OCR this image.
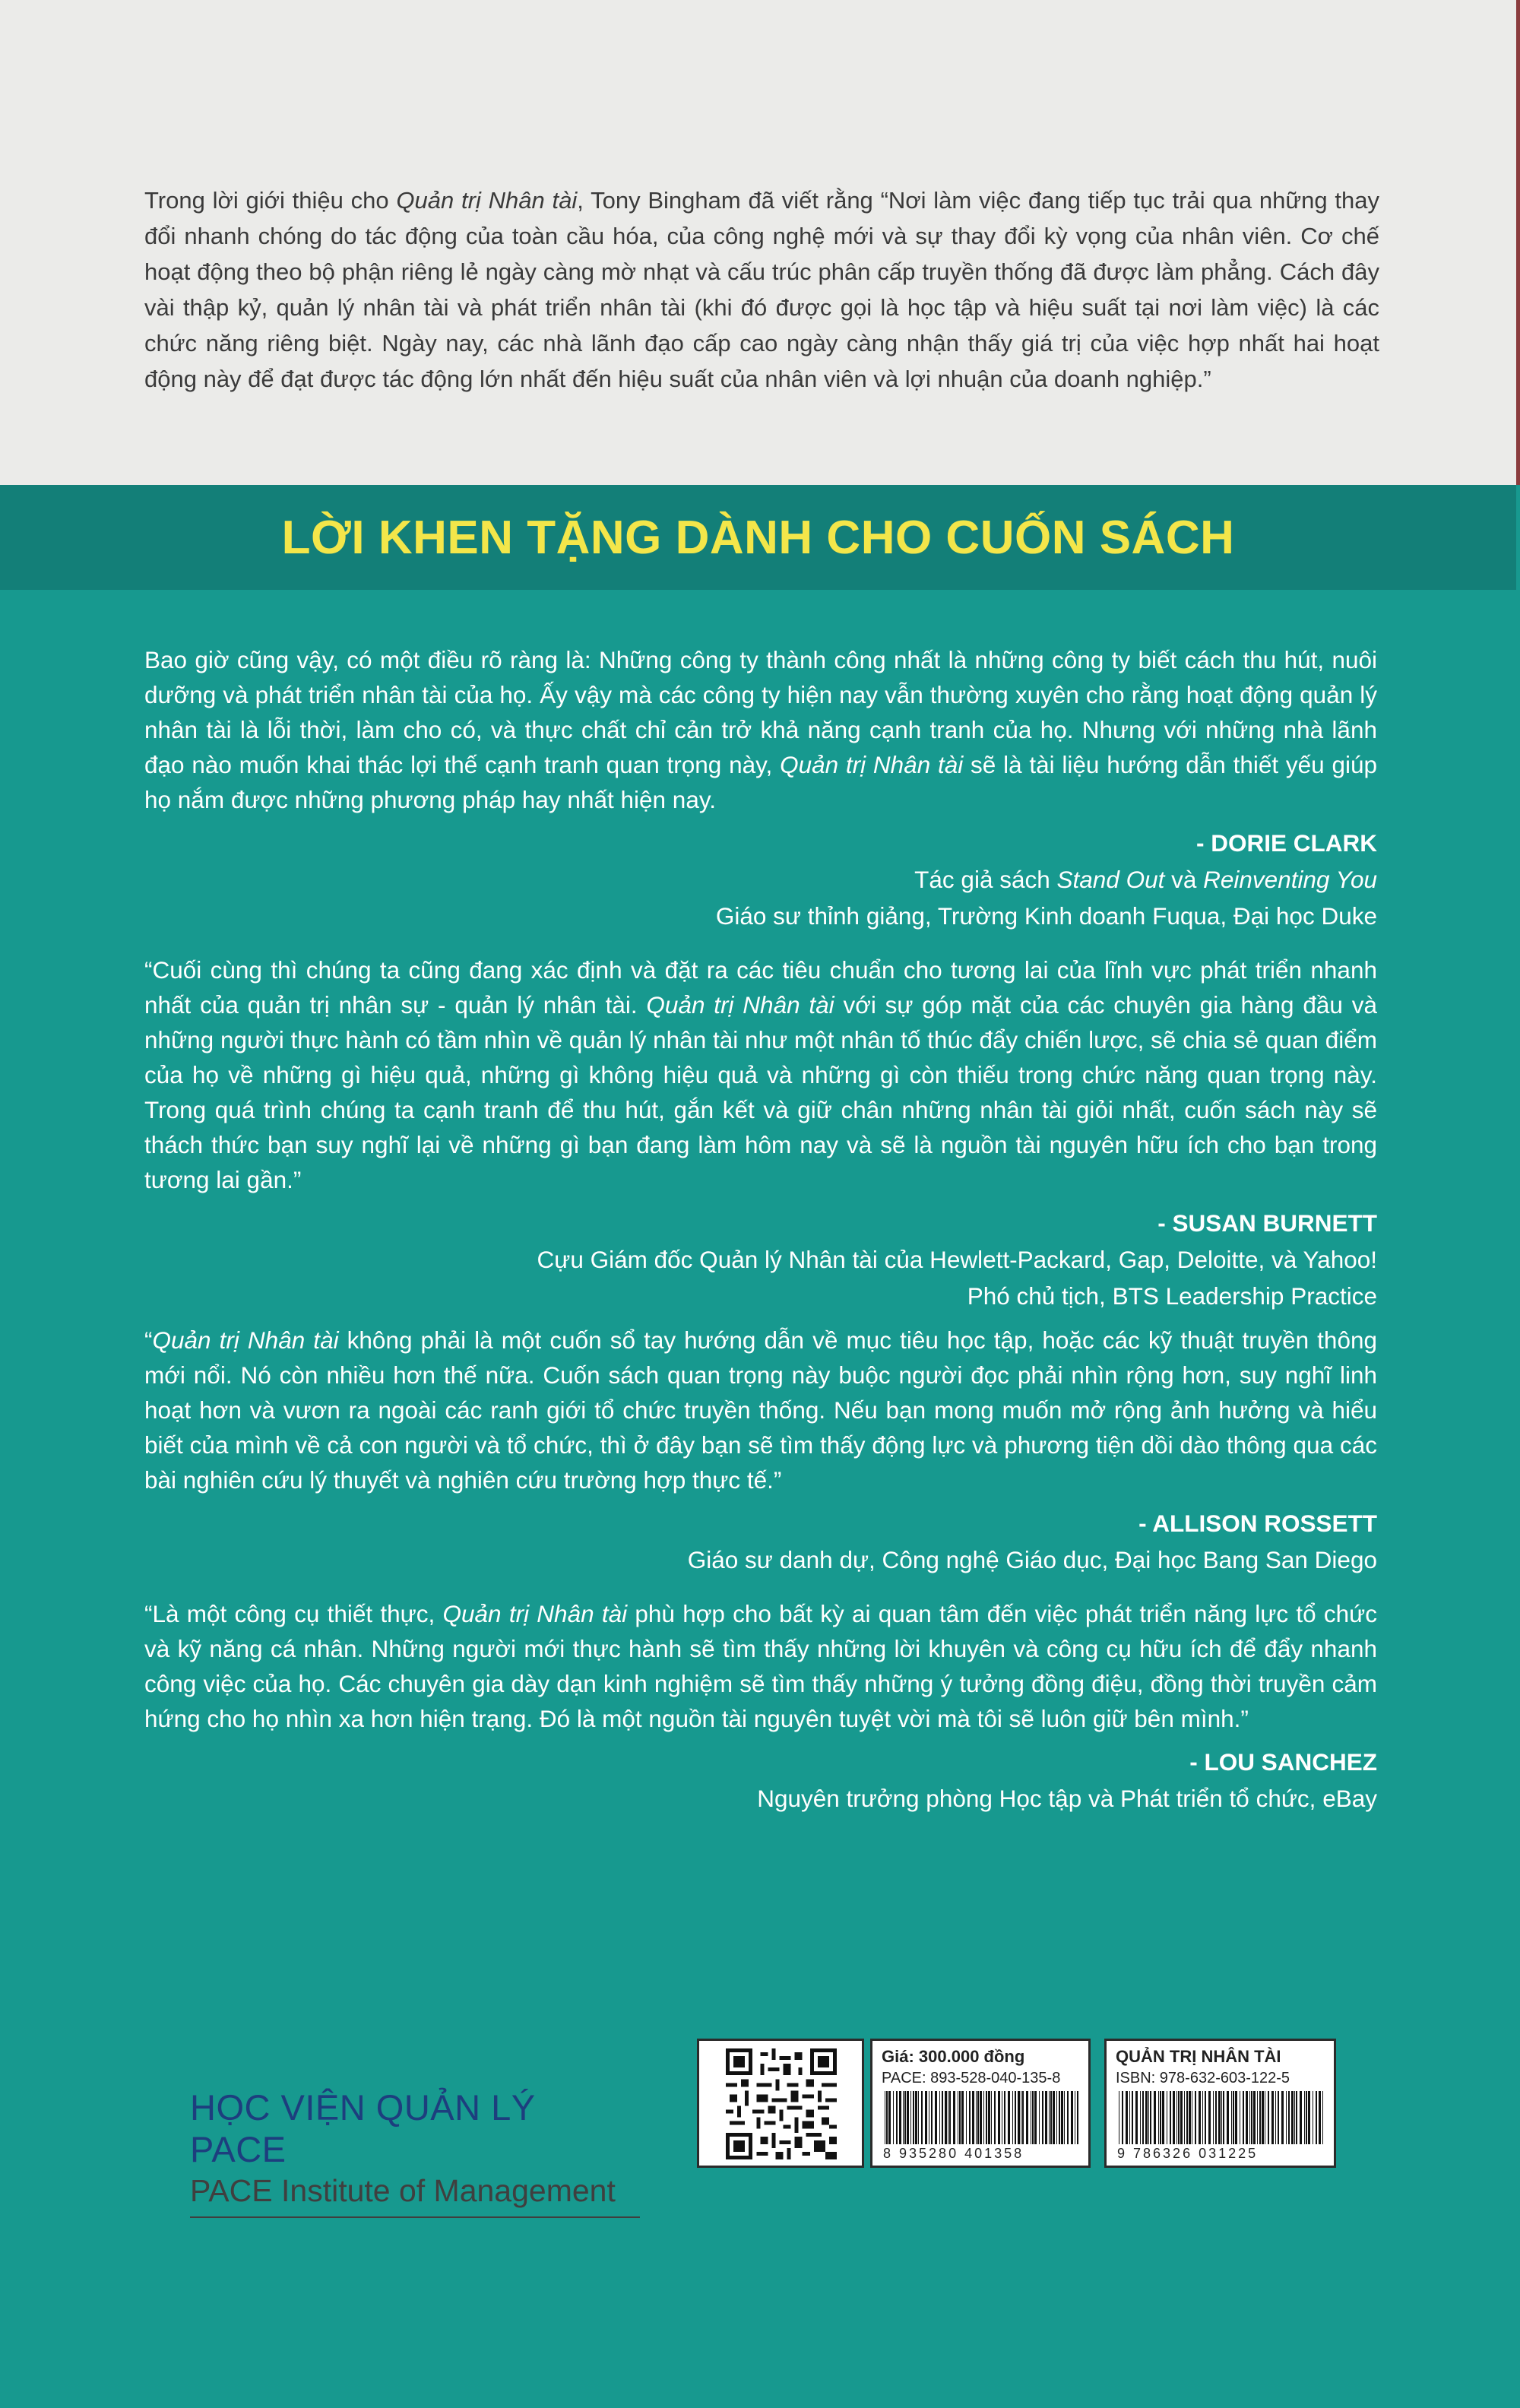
Trong lời giới thiệu cho Quản trị Nhân tài, Tony Bingham đã viết rằng “Nơi làm việc đang tiếp tục trải qua những thay đổi nhanh chóng do tác động của toàn cầu hóa, của công nghệ mới và sự thay đổi kỳ vọng của nhân viên. Cơ chế hoạt động theo bộ phận riêng lẻ ngày càng mờ nhạt và cấu trúc phân cấp truyền thống đã được làm phẳng. Cách đây vài thập kỷ, quản lý nhân tài và phát triển nhân tài (khi đó được gọi là học tập và hiệu suất tại nơi làm việc) là các chức năng riêng biệt. Ngày nay, các nhà lãnh đạo cấp cao ngày càng nhận thấy giá trị của việc hợp nhất hai hoạt động này để đạt được tác động lớn nhất đến hiệu suất của nhân viên và lợi nhuận của doanh nghiệp.”

LỜI KHEN TẶNG DÀNH CHO CUỐN SÁCH

Bao giờ cũng vậy, có một điều rõ ràng là: Những công ty thành công nhất là những công ty biết cách thu hút, nuôi dưỡng và phát triển nhân tài của họ. Ấy vậy mà các công ty hiện nay vẫn thường xuyên cho rằng hoạt động quản lý nhân tài là lỗi thời, làm cho có, và thực chất chỉ cản trở khả năng cạnh tranh của họ. Nhưng với những nhà lãnh đạo nào muốn khai thác lợi thế cạnh tranh quan trọng này, Quản trị Nhân tài sẽ là tài liệu hướng dẫn thiết yếu giúp họ nắm được những phương pháp hay nhất hiện nay.

- DORIE CLARK
Tác giả sách Stand Out và Reinventing You
Giáo sư thỉnh giảng, Trường Kinh doanh Fuqua, Đại học Duke

“Cuối cùng thì chúng ta cũng đang xác định và đặt ra các tiêu chuẩn cho tương lai của lĩnh vực phát triển nhanh nhất của quản trị nhân sự - quản lý nhân tài. Quản trị Nhân tài với sự góp mặt của các chuyên gia hàng đầu và những người thực hành có tầm nhìn về quản lý nhân tài như một nhân tố thúc đẩy chiến lược, sẽ chia sẻ quan điểm của họ về những gì hiệu quả, những gì không hiệu quả và những gì còn thiếu trong chức năng quan trọng này. Trong quá trình chúng ta cạnh tranh để thu hút, gắn kết và giữ chân những nhân tài giỏi nhất, cuốn sách này sẽ thách thức bạn suy nghĩ lại về những gì bạn đang làm hôm nay và sẽ là nguồn tài nguyên hữu ích cho bạn trong tương lai gần.”

- SUSAN BURNETT
Cựu Giám đốc Quản lý Nhân tài của Hewlett-Packard, Gap, Deloitte, và Yahoo!
Phó chủ tịch, BTS Leadership Practice

“Quản trị Nhân tài không phải là một cuốn sổ tay hướng dẫn về mục tiêu học tập, hoặc các kỹ thuật truyền thông mới nổi. Nó còn nhiều hơn thế nữa. Cuốn sách quan trọng này buộc người đọc phải nhìn rộng hơn, suy nghĩ linh hoạt hơn và vươn ra ngoài các ranh giới tổ chức truyền thống. Nếu bạn mong muốn mở rộng ảnh hưởng và hiểu biết của mình về cả con người và tổ chức, thì ở đây bạn sẽ tìm thấy động lực và phương tiện dồi dào thông qua các bài nghiên cứu lý thuyết và nghiên cứu trường hợp thực tế.”

- ALLISON ROSSETT
Giáo sư danh dự, Công nghệ Giáo dục, Đại học Bang San Diego

“Là một công cụ thiết thực, Quản trị Nhân tài phù hợp cho bất kỳ ai quan tâm đến việc phát triển năng lực tổ chức và kỹ năng cá nhân. Những người mới thực hành sẽ tìm thấy những lời khuyên và công cụ hữu ích để đẩy nhanh công việc của họ. Các chuyên gia dày dạn kinh nghiệm sẽ tìm thấy những ý tưởng đồng điệu, đồng thời truyền cảm hứng cho họ nhìn xa hơn hiện trạng. Đó là một nguồn tài nguyên tuyệt vời mà tôi sẽ luôn giữ bên mình.”

- LOU SANCHEZ
Nguyên trưởng phòng Học tập và Phát triển tổ chức, eBay
HỌC VIỆN QUẢN LÝ PACE
PACE Institute of Management
Giá: 300.000 đồng
PACE: 893-528-040-135-8
8 935280 401358
QUẢN TRỊ NHÂN TÀI
ISBN: 978-632-603-122-5
9 786326 031225
